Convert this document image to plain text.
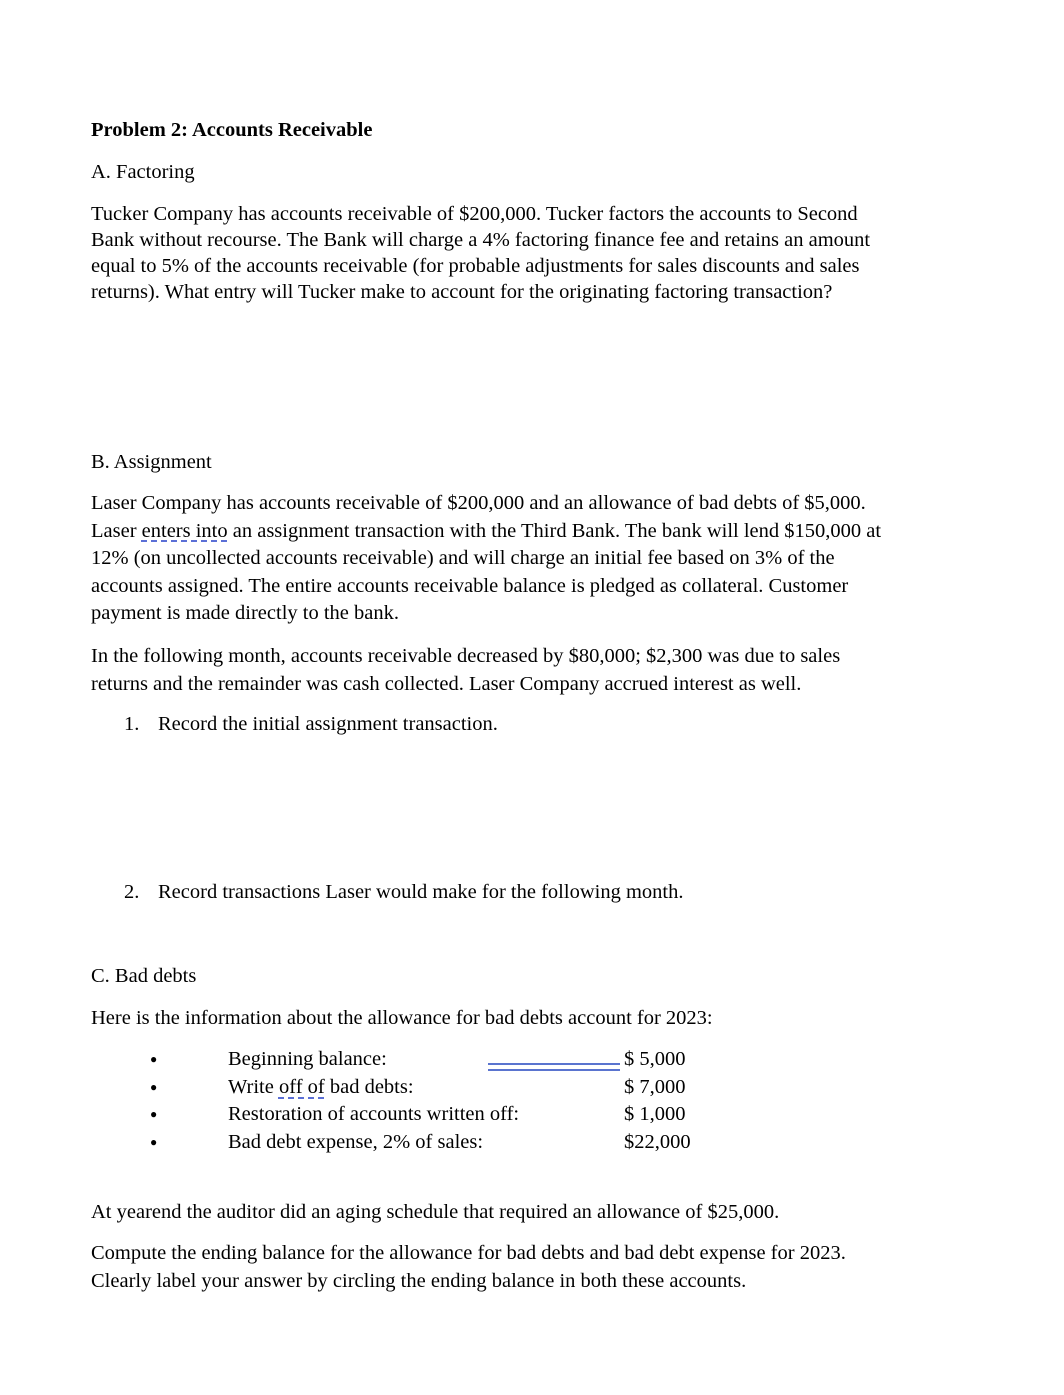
Problem 2: Accounts Receivable

A. Factoring

Tucker Company has accounts receivable of $200,000. Tucker factors the accounts to Second

Bank without recourse. The Bank will charge a 4% factoring finance fee and retains an amount

equal to 5% of the accounts receivable (for probable adjustments for sales discounts and sales

returns). What entry will Tucker make to account for the originating factoring transaction?

B. Assignment

Laser Company has accounts receivable of $200,000 and an allowance of bad debts of $5,000.

Laser enters into an assignment transaction with the Third Bank. The bank will lend $150,000 at

12% (on uncollected accounts receivable) and will charge an initial fee based on 3% of the

accounts assigned. The entire accounts receivable balance is pledged as collateral. Customer

payment is made directly to the bank.

In the following month, accounts receivable decreased by $80,000; $2,300 was due to sales

returns and the remainder was cash collected. Laser Company accrued interest as well.

1. Record the initial assignment transaction.
2. Record transactions Laser would make for the following month.

C. Bad debts

Here is the information about the allowance for bad debts account for 2023:

●	Beginning balance:	$ 5,000
●	Write off of bad debts:	$ 7,000
●	Restoration of accounts written off:	$ 1,000
●	Bad debt expense, 2% of sales:	$22,000

At yearend the auditor did an aging schedule that required an allowance of $25,000.

Compute the ending balance for the allowance for bad debts and bad debt expense for 2023.

Clearly label your answer by circling the ending balance in both these accounts.
